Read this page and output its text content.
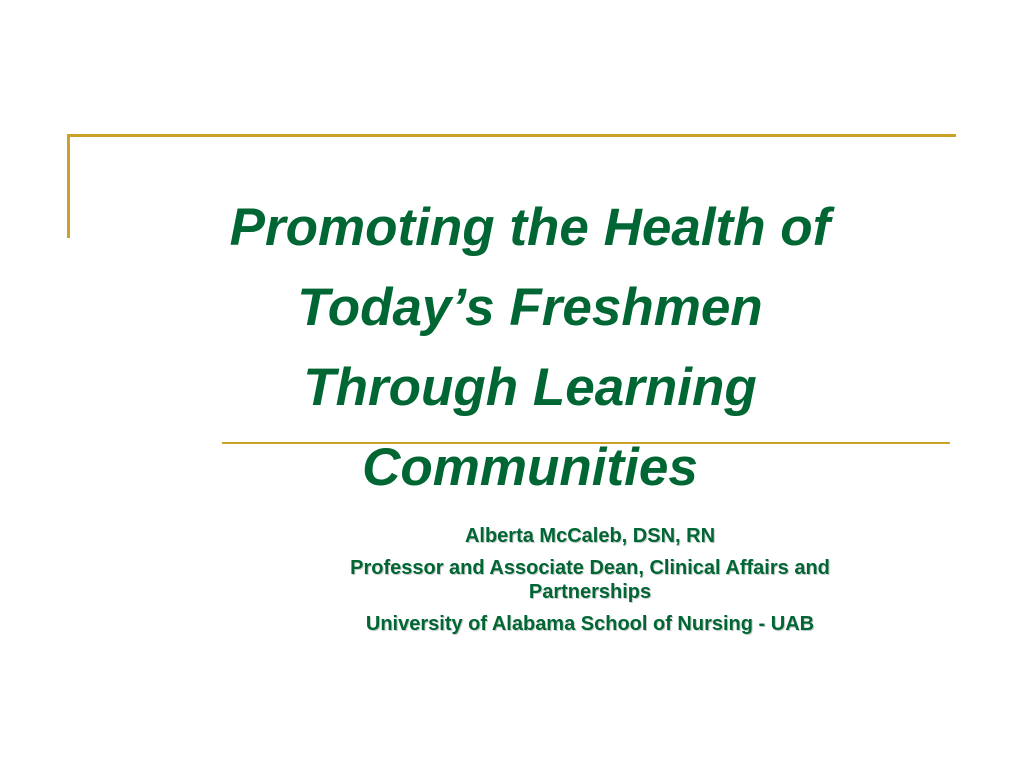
Promoting the Health of
Today’s Freshmen
Through Learning
Communities
Alberta McCaleb, DSN, RN
Professor and Associate Dean, Clinical Affairs and
Partnerships
University of Alabama School of Nursing - UAB
